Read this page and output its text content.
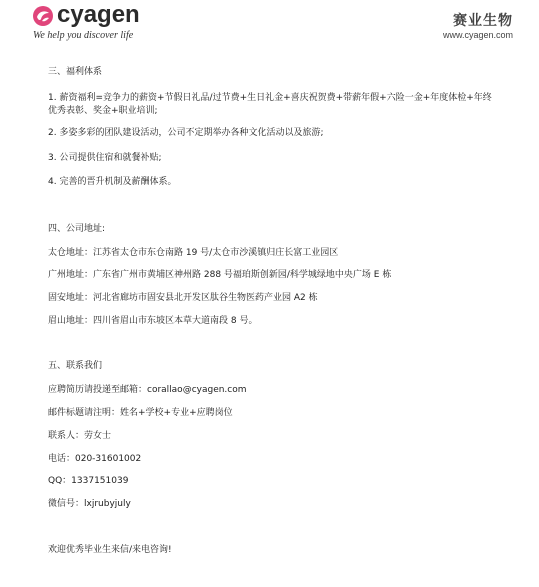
cyagen
We help you discover life
赛业生物
www.cyagen.com
三、福利体系
1. 薪资福利=竞争力的薪资+节假日礼品/过节费+生日礼金+喜庆祝贺费+带薪年假+六险一金+年度体检+年终优秀表彰、奖金+职业培训;
2. 多姿多彩的团队建设活动，公司不定期举办各种文化活动以及旅游;
3. 公司提供住宿和就餐补贴;
4. 完善的晋升机制及薪酬体系。
四、公司地址:
太仓地址：江苏省太仓市东仓南路 19 号/太仓市沙溪镇归庄长富工业园区
广州地址：广东省广州市黄埔区神州路 288 号福珀斯创新园/科学城绿地中央广场 E 栋
固安地址：河北省廊坊市固安县北开发区肽谷生物医药产业园 A2 栋
眉山地址：四川省眉山市东坡区本草大道南段 8 号。
五、联系我们
应聘简历请投递至邮箱：corallao@cyagen.com
邮件标题请注明：姓名+学校+专业+应聘岗位
联系人：劳女士
电话：020-31601002
QQ：1337151039
微信号：lxjrubyjuly
欢迎优秀毕业生来信/来电咨询!
